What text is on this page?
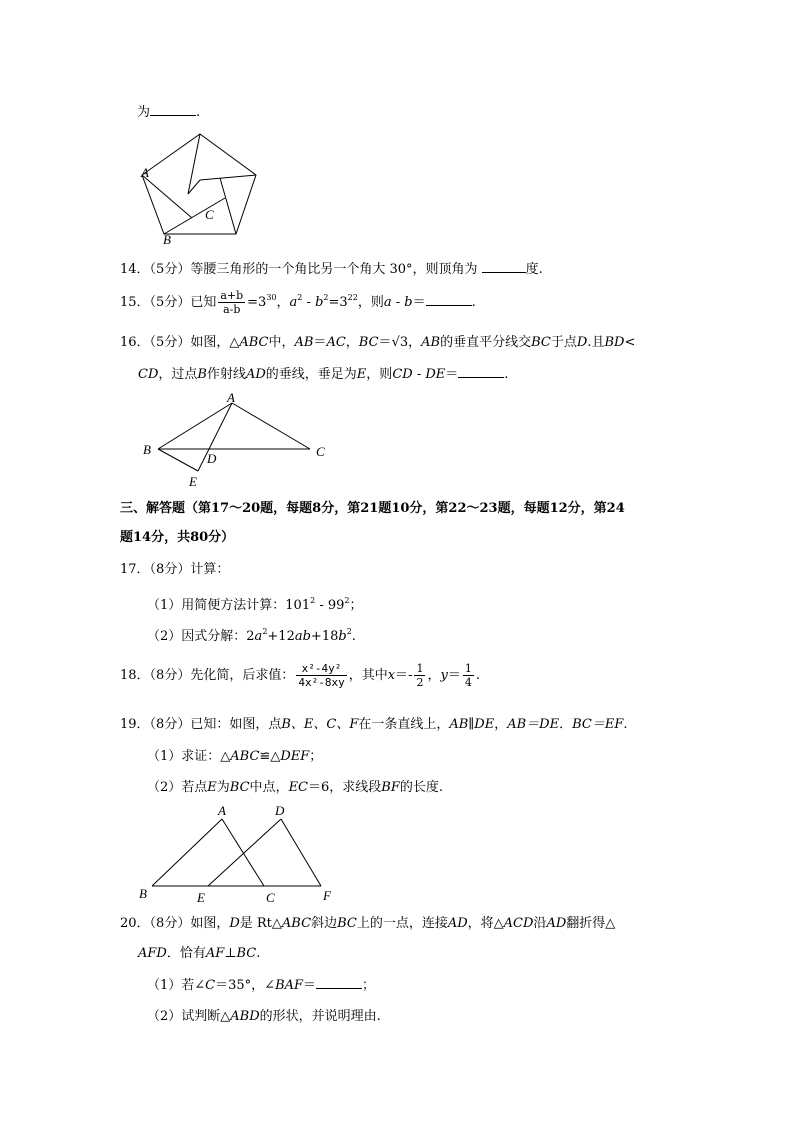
为	.
A
B
C
14．（5分）等腰三角形的一个角比另一个角大 30°，则顶角为	度.
15．（5分）已知 $\frac{a+b}{a-b} =3^{30}$，$a^2 - b^2=3^{22}$，则a - b＝	.
16．（5分）如图，△ABC中，AB＝AC，BC＝√3，AB的垂直平分线交BC于点D.且BD<
CD，过点B作射线AD的垂线，垂足为E，则CD - DE＝	.
A
B	C
D
E
三、解答题（第17～20题，每题8分，第21题10分，第22～23题，每题12分，第24
题14分，共80分）
17．（8分）计算：
（1）用简便方法计算：$101^2 - 99^2$；
（2）因式分解：$2a^2+12ab+18b^2$.
18．（8分）先化简，后求值： $\frac{\text{x²-4y²}}{\text{4x²-8xy}}$ ，其中$x=- \frac{1}{2}$ ，$y= \frac{1}{4}$ .
19．（8分）已知：如图，点B、E、C、F在一条直线上，AB∥DE，AB＝DE．BC＝EF.
（1）求证：△ABC≌△DEF；
（2）若点E为BC中点，EC＝6，求线段BF的长度.
A
B	C
D
E	F
20．（8分）如图，D是 Rt△ABC斜边BC上的一点，连接AD，将△ACD沿AD翻折得△
AFD．恰有AF⊥BC.
（1）若∠C＝35°，∠BAF＝	；
（2）试判断△ABD的形状，并说明理由.
